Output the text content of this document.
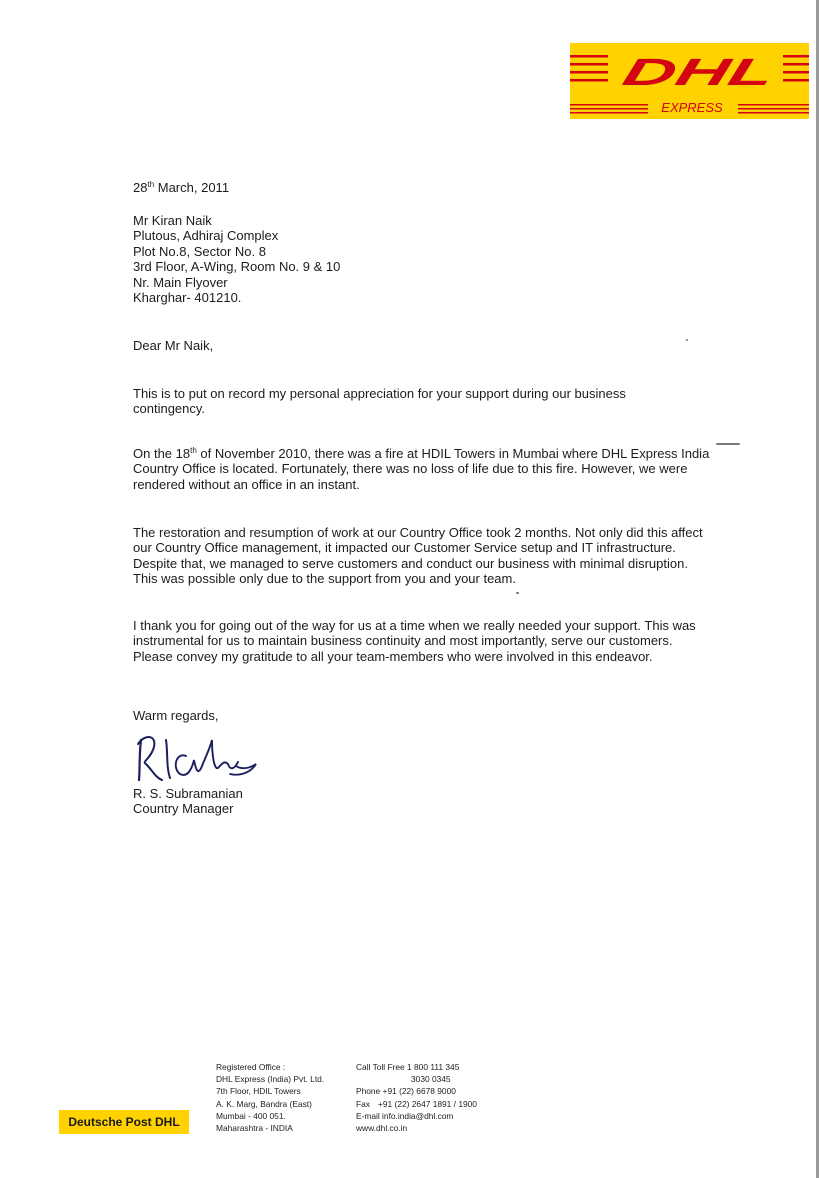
DHL
EXPRESS
28th March, 2011

Mr Kiran Naik

Plutous, Adhiraj Complex

Plot No.8, Sector No. 8

3rd Floor, A-Wing, Room No. 9 & 10

Nr. Main Flyover

Kharghar- 401210.

Dear Mr Naik,
This is to put on record my personal appreciation for your support during our business contingency.
On the 18th of November 2010, there was a fire at HDIL Towers in Mumbai where DHL Express India Country Office is located. Fortunately, there was no loss of life due to this fire. However, we were rendered without an office in an instant.
The restoration and resumption of work at our Country Office took 2 months. Not only did this affect our Country Office management, it impacted our Customer Service setup and IT infrastructure. Despite that, we managed to serve customers and conduct our business with minimal disruption. This was possible only due to the support from you and your team.
I thank you for going out of the way for us at a time when we really needed your support. This was instrumental for us to maintain business continuity and most importantly, serve our customers. Please convey my gratitude to all your team-members who were involved in this endeavor.
Warm regards,

R. S. Subramanian

Country Manager

Deutsche Post DHL
Registered Office :
DHL Express (India) Pvt. Ltd.
7th Floor, HDIL Towers
A. K. Marg, Bandra (East)
Mumbai - 400 051.
Maharashtra - INDIA
Call Toll Free 1 800 111 345
3030 0345
Phone +91 (22) 6678 9000
Fax +91 (22) 2647 1891 / 1900
E-mail info.india@dhl.com
www.dhl.co.in
